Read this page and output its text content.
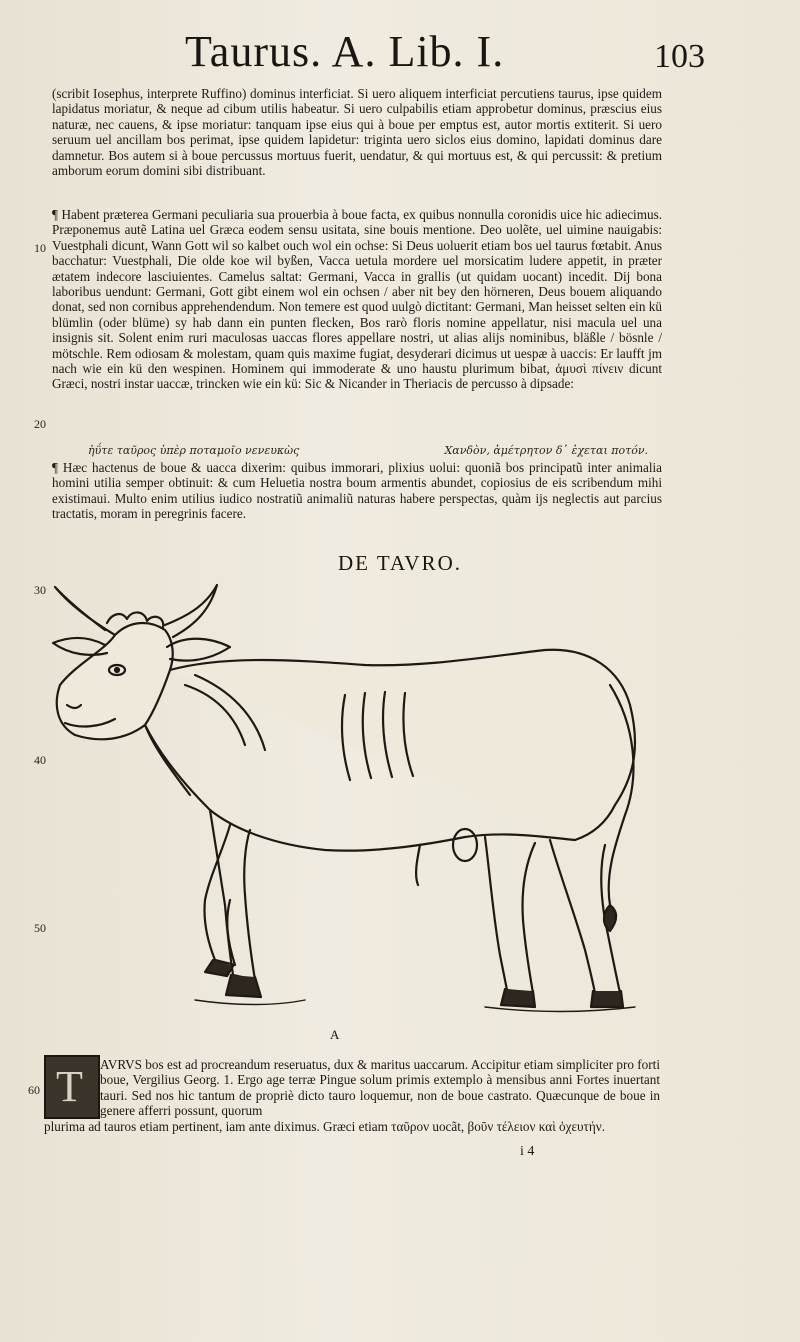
Taurus. A. Lib. I.	103

(scribit Iosephus, interprete Ruffino) dominus interficiat. Si uero aliquem interficiat percutiens taurus, ipse quidem lapidatus moriatur, & neque ad cibum utilis habeatur. Si uero culpabilis etiam approbetur dominus, præscius eius naturæ, nec cauens, & ipse moriatur: tanquam ipse eius qui à boue per emptus est, autor mortis extiterit. Si uero seruum uel ancillam bos perimat, ipse quidem lapidetur: triginta uero siclos eius domino, lapidati dominus dare damnetur. Bos autem si à boue percussus mortuus fuerit, uendatur, & qui mortuus est, & qui percussit: & pretium amborum eorum domini sibi distribuant.

¶ Habent præterea Germani peculiaria sua prouerbia à boue facta, ex quibus nonnulla coronidis uice hic adiecimus. Præponemus autẽ Latina uel Græca eodem sensu usitata, sine bouis mentione. Deo uolẽte, uel uimine nauigabis: Vuestphali dicunt, Wann Gott wil so kalbet ouch wol ein ochse: Si Deus uoluerit etiam bos uel taurus fœtabit. Anus bacchatur: Vuestphali, Die olde koe wil byßen, Vacca uetula mordere uel morsicatim ludere appetit, in præter ætatem indecore lasciuientes. Camelus saltat: Germani, Vacca in grallis (ut quidam uocant) incedit. Dij bona laboribus uendunt: Germani, Gott gibt einem wol ein ochsen / aber nit bey den hörneren, Deus bouem aliquando donat, sed non cornibus apprehendendum. Non temere est quod uulgò dictitant: Germani, Man heisset selten ein kü blümlin (oder blüme) sy hab dann ein punten flecken, Bos rarò floris nomine appellatur, nisi macula uel una insignis sit. Solent enim ruri maculosas uaccas flores appellare nostri, ut alias alijs nominibus, bläßle / bösnle / mötschle. Rem odiosam & molestam, quam quis maxime fugiat, desyderari dicimus ut uespæ à uaccis: Er laufft jm nach wie ein kü den wespinen. Hominem qui immoderate & uno haustu plurimum bibat, ἀμυσὶ πίνειν dicunt Græci, nostri instar uaccæ, trincken wie ein kü: Sic & Nicander in Theriacis de percusso à dipsade:

ἠΰτε ταῦρος ὑπὲρ ποταμοῖο νενευκὼς	Χανδὸν, ἀμέτρητον δ᾽ ἐχεται ποτόν.

¶ Hæc hactenus de boue & uacca dixerim: quibus immorari, plixius uolui: quoniã bos principatũ inter animalia homini utilia semper obtinuit: & cum Heluetia nostra boum armentis abundet, copiosius de eis scribendum mihi existimaui. Multo enim utilius iudico nostratiũ animaliũ naturas habere perspectas, quàm ijs neglectis aut parcius tractatis, moram in peregrinis facere.

10
20
30
40
50
60
DE TAVRO.
A
T AVRVS bos est ad procreandum reseruatus, dux & maritus uaccarum. Accipitur etiam simpliciter pro forti boue, Vergilius Georg. 1. Ergo age terræ Pingue solum primis extemplo à mensibus anni Fortes inuertant tauri. Sed nos hic tantum de propriè dicto tauro loquemur, non de boue castrato. Quæcunque de boue in genere afferri possunt, quorum
plurima ad tauros etiam pertinent, iam ante diximus. Græci etiam ταῦρον uocãt, βοῦν τέλειον καὶ ὀχευτήν.
i 4
